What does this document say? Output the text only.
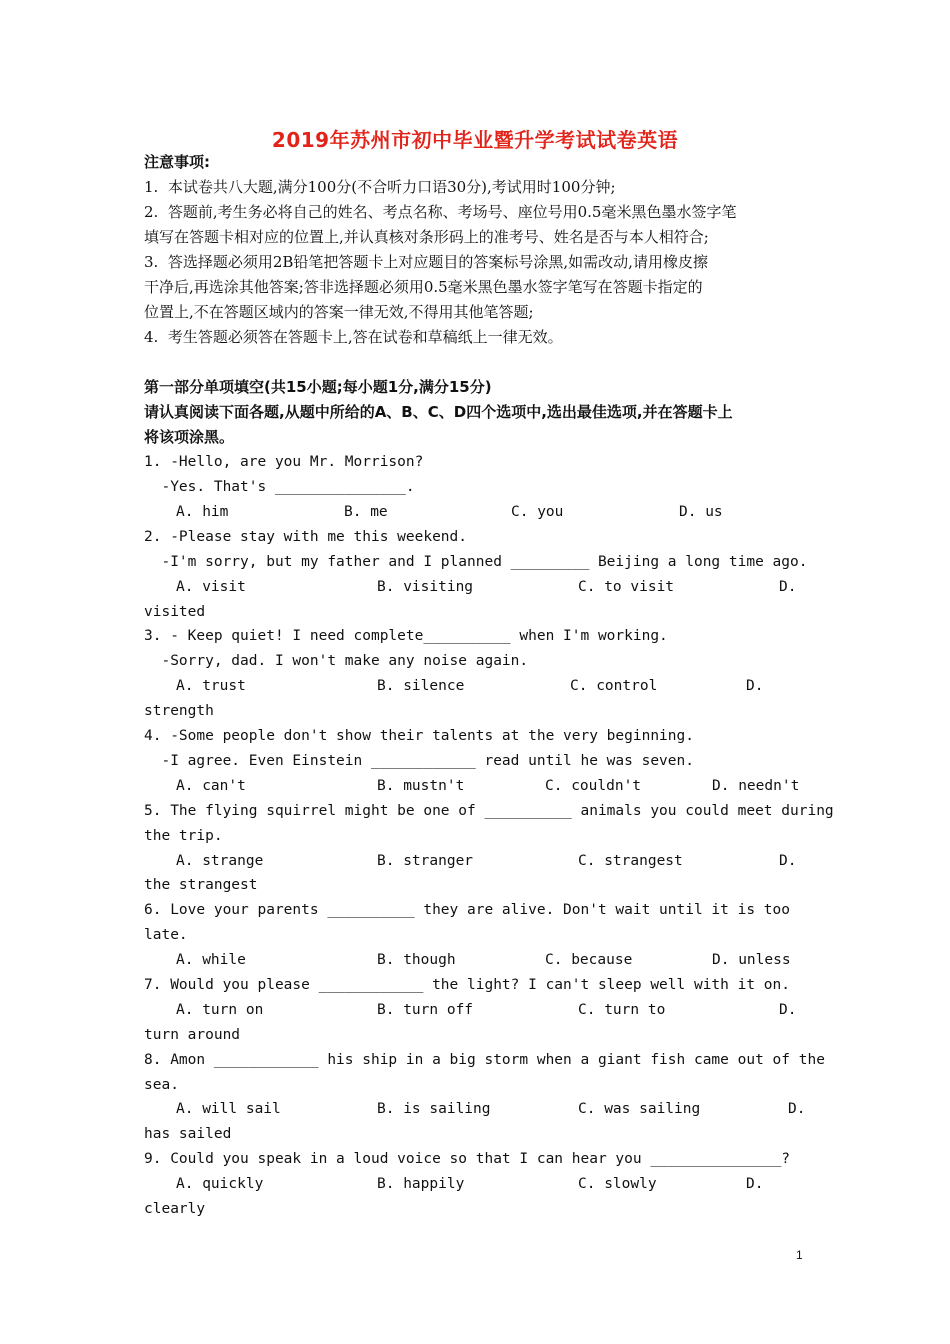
2019年苏州市初中毕业暨升学考试试卷英语
注意事项:
1.  本试卷共八大题,满分100分(不合听力口语30分),考试用时100分钟;
2.  答题前,考生务必将自己的姓名、考点名称、考场号、座位号用0.5毫米黑色墨水签字笔
填写在答题卡相对应的位置上,并认真核对条形码上的准考号、姓名是否与本人相符合;
3.  答选择题必须用2B铅笔把答题卡上对应题目的答案标号涂黑,如需改动,请用橡皮擦
干净后,再选涂其他答案;答非选择题必须用0.5毫米黑色墨水签字笔写在答题卡指定的
位置上,不在答题区域内的答案一律无效,不得用其他笔答题;
4.  考生答题必须答在答题卡上,答在试卷和草稿纸上一律无效。
第一部分单项填空(共15小题;每小题1分,满分15分)
请认真阅读下面各题,从题中所给的A、B、C、D四个选项中,选出最佳选项,并在答题卡上
将该项涂黑。
1. -Hello, are you Mr. Morrison?
-Yes. That's _______________.
A. him	B. me	C. you	D. us
2. -Please stay with me this weekend.
-I'm sorry, but my father and I planned _________ Beijing a long time ago.
A. visit	B. visiting	C. to visit	D.
visited
3. - Keep quiet! I need complete__________ when I'm working.
-Sorry, dad. I won't make any noise again.
A. trust	B. silence	C. control	D.
strength
4. -Some people don't show their talents at the very beginning.
-I agree. Even Einstein ____________ read until he was seven.
A. can't	B. mustn't	C. couldn't	D. needn't
5. The flying squirrel might be one of __________ animals you could meet during
the trip.
A. strange	B. stranger	C. strangest	D.
the strangest
6. Love your parents __________ they are alive. Don't wait until it is too
late.
A. while	B. though	C. because	D. unless
7. Would you please ____________ the light? I can't sleep well with it on.
A. turn on	B. turn off	C. turn to	D.
turn around
8. Amon ____________ his ship in a big storm when a giant fish came out of the
sea.
A. will sail	B. is sailing	C. was sailing	D.
has sailed
9. Could you speak in a loud voice so that I can hear you _______________?
A. quickly	B. happily	C. slowly	D.
clearly
1
